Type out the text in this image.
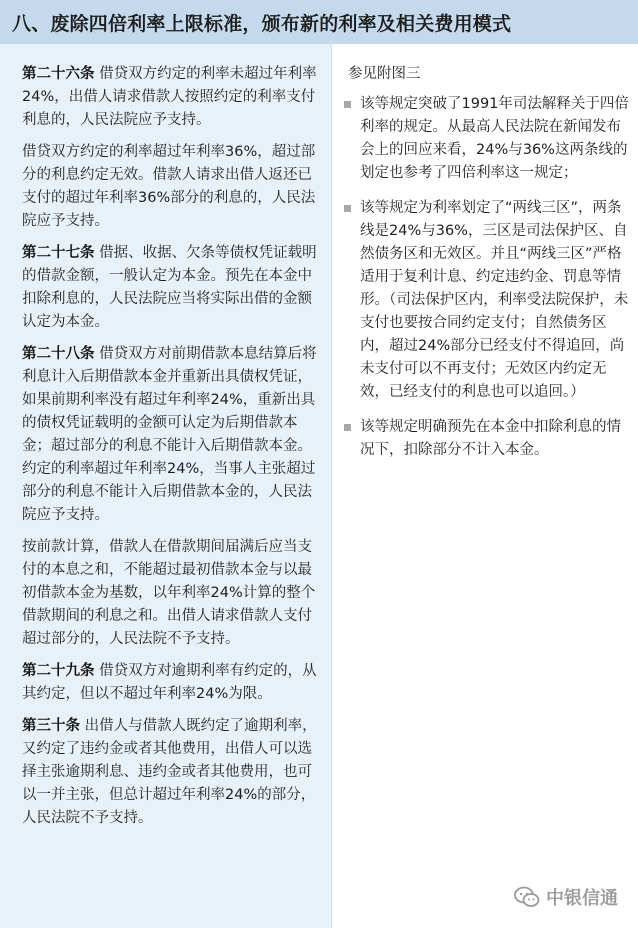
八、废除四倍利率上限标准，颁布新的利率及相关费用模式

第二十六条 借贷双方约定的利率未超过年利率24%，出借人请求借款人按照约定的利率支付利息的，人民法院应予支持。

借贷双方约定的利率超过年利率36%，超过部分的利息约定无效。借款人请求出借人返还已支付的超过年利率36%部分的利息的，人民法院应予支持。

第二十七条 借据、收据、欠条等债权凭证载明的借款金额，一般认定为本金。预先在本金中扣除利息的，人民法院应当将实际出借的金额认定为本金。

第二十八条 借贷双方对前期借款本息结算后将利息计入后期借款本金并重新出具债权凭证，如果前期利率没有超过年利率24%，重新出具的债权凭证载明的金额可认定为后期借款本金；超过部分的利息不能计入后期借款本金。约定的利率超过年利率24%，当事人主张超过部分的利息不能计入后期借款本金的，人民法院应予支持。

按前款计算，借款人在借款期间届满后应当支付的本息之和，不能超过最初借款本金与以最初借款本金为基数，以年利率24%计算的整个借款期间的利息之和。出借人请求借款人支付超过部分的，人民法院不予支持。

第二十九条 借贷双方对逾期利率有约定的，从其约定，但以不超过年利率24%为限。

第三十条 出借人与借款人既约定了逾期利率，又约定了违约金或者其他费用，出借人可以选择主张逾期利息、违约金或者其他费用，也可以一并主张，但总计超过年利率24%的部分，人民法院不予支持。

参见附图三
该等规定突破了1991年司法解释关于四倍利率的规定。从最高人民法院在新闻发布会上的回应来看，24%与36%这两条线的划定也参考了四倍利率这一规定；
该等规定为利率划定了“两线三区”，两条线是24%与36%，三区是司法保护区、自然债务区和无效区。并且“两线三区”严格适用于复利计息、约定违约金、罚息等情形。（司法保护区内，利率受法院保护，未支付也要按合同约定支付；自然债务区内，超过24%部分已经支付不得追回，尚未支付可以不再支付；无效区内约定无效，已经支付的利息也可以追回。）
该等规定明确预先在本金中扣除利息的情况下，扣除部分不计入本金。
中银信通
